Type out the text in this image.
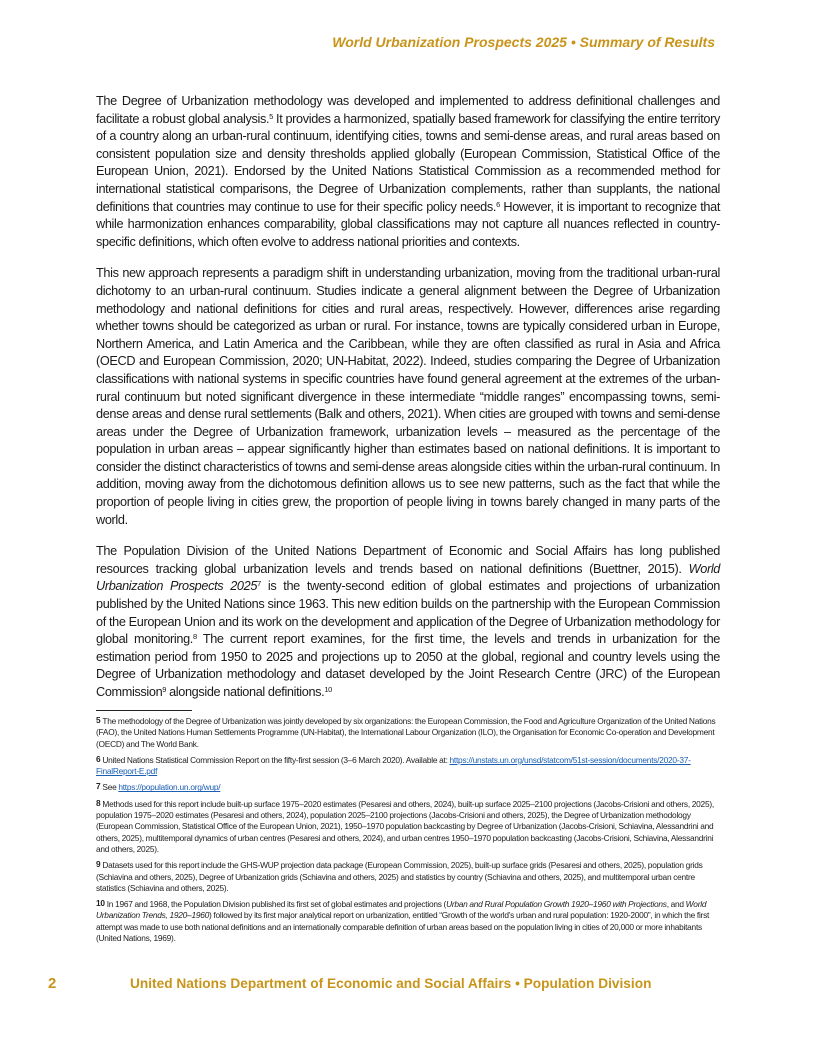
World Urbanization Prospects 2025 • Summary of Results

The Degree of Urbanization methodology was developed and implemented to address definitional challenges and facilitate a robust global analysis.$^5$ It provides a harmonized, spatially based framework for classifying the entire territory of a country along an urban-rural continuum, identifying cities, towns and semi-dense areas, and rural areas based on consistent population size and density thresholds applied globally (European Commission, Statistical Office of the European Union, 2021). Endorsed by the United Nations Statistical Commission as a recommended method for international statistical comparisons, the Degree of Urbanization complements, rather than supplants, the national definitions that countries may continue to use for their specific policy needs.$^6$ However, it is important to recognize that while harmonization enhances comparability, global classifications may not capture all nuances reflected in country-specific definitions, which often evolve to address national priorities and contexts.

This new approach represents a paradigm shift in understanding urbanization, moving from the traditional urban-rural dichotomy to an urban-rural continuum. Studies indicate a general alignment between the Degree of Urbanization methodology and national definitions for cities and rural areas, respectively. However, differences arise regarding whether towns should be categorized as urban or rural. For instance, towns are typically considered urban in Europe, Northern America, and Latin America and the Caribbean, while they are often classified as rural in Asia and Africa (OECD and European Commission, 2020; UN-Habitat, 2022). Indeed, studies comparing the Degree of Urbanization classifications with national systems in specific countries have found general agreement at the extremes of the urban-rural continuum but noted significant divergence in these intermediate “middle ranges” encompassing towns, semi-dense areas and dense rural settlements (Balk and others, 2021). When cities are grouped with towns and semi-dense areas under the Degree of Urbanization framework, urbanization levels – measured as the percentage of the population in urban areas – appear significantly higher than estimates based on national definitions. It is important to consider the distinct characteristics of towns and semi-dense areas alongside cities within the urban-rural continuum. In addition, moving away from the dichotomous definition allows us to see new patterns, such as the fact that while the proportion of people living in cities grew, the proportion of people living in towns barely changed in many parts of the world.

The Population Division of the United Nations Department of Economic and Social Affairs has long published resources tracking global urbanization levels and trends based on national definitions (Buettner, 2015). World Urbanization Prospects 2025$^7$ is the twenty-second edition of global estimates and projections of urbanization published by the United Nations since 1963. This new edition builds on the partnership with the European Commission of the European Union and its work on the development and application of the Degree of Urbanization methodology for global monitoring.$^8$ The current report examines, for the first time, the levels and trends in urbanization for the estimation period from 1950 to 2025 and projections up to 2050 at the global, regional and country levels using the Degree of Urbanization methodology and dataset developed by the Joint Research Centre (JRC) of the European Commission$^9$ alongside national definitions.$^{10}$

5 The methodology of the Degree of Urbanization was jointly developed by six organizations: the European Commission, the Food and Agriculture Organization of the United Nations (FAO), the United Nations Human Settlements Programme (UN-Habitat), the International Labour Organization (ILO), the Organisation for Economic Co-operation and Development (OECD) and The World Bank.

6 United Nations Statistical Commission Report on the fifty-first session (3–6 March 2020). Available at: https://unstats.un.org/unsd/statcom/51st-session/documents/2020-37-FinalReport-E.pdf

7 See https://population.un.org/wup/

8 Methods used for this report include built-up surface 1975–2020 estimates (Pesaresi and others, 2024), built-up surface 2025–2100 projections (Jacobs-Crisioni and others, 2025), population 1975–2020 estimates (Pesaresi and others, 2024), population 2025–2100 projections (Jacobs-Crisioni and others, 2025), the Degree of Urbanization methodology (European Commission, Statistical Office of the European Union, 2021), 1950–1970 population backcasting by Degree of Urbanization (Jacobs-Crisioni, Schiavina, Alessandrini and others, 2025), multitemporal dynamics of urban centres (Pesaresi and others, 2024), and urban centres 1950–1970 population backcasting (Jacobs-Crisioni, Schiavina, Alessandrini and others, 2025).

9 Datasets used for this report include the GHS-WUP projection data package (European Commission, 2025), built-up surface grids (Pesaresi and others, 2025), population grids (Schiavina and others, 2025), Degree of Urbanization grids (Schiavina and others, 2025) and statistics by country (Schiavina and others, 2025), and multitemporal urban centre statistics (Schiavina and others, 2025).

10 In 1967 and 1968, the Population Division published its first set of global estimates and projections (Urban and Rural Population Growth 1920–1960 with Projections, and World Urbanization Trends, 1920–1960) followed by its first major analytical report on urbanization, entitled “Growth of the world’s urban and rural population: 1920-2000”, in which the first attempt was made to use both national definitions and an internationally comparable definition of urban areas based on the population living in cities of 20,000 or more inhabitants (United Nations, 1969).

2	United Nations Department of Economic and Social Affairs • Population Division
